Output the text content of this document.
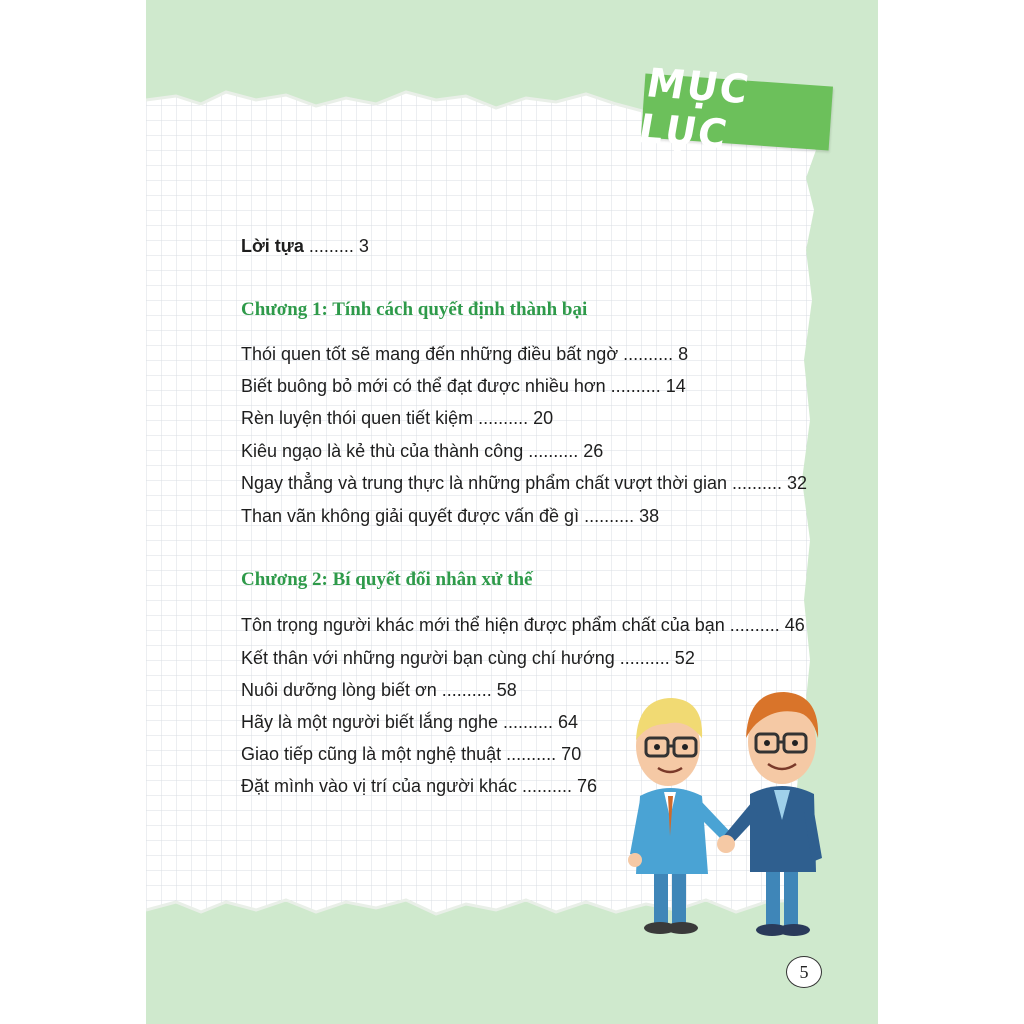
MỤC LỤC
Lời tựa ......... 3
Chương 1: Tính cách quyết định thành bại
Thói quen tốt sẽ mang đến những điều bất ngờ .......... 8
Biết buông bỏ mới có thể đạt được nhiều hơn .......... 14
Rèn luyện thói quen tiết kiệm .......... 20
Kiêu ngạo là kẻ thù của thành công .......... 26
Ngay thẳng và trung thực là những phẩm chất vượt thời gian .......... 32
Than vãn không giải quyết được vấn đề gì .......... 38
Chương 2: Bí quyết đối nhân xử thế
Tôn trọng người khác mới thể hiện được phẩm chất của bạn .......... 46
Kết thân với những người bạn cùng chí hướng .......... 52
Nuôi dưỡng lòng biết ơn .......... 58
Hãy là một người biết lắng nghe .......... 64
Giao tiếp cũng là một nghệ thuật .......... 70
Đặt mình vào vị trí của người khác .......... 76
5
